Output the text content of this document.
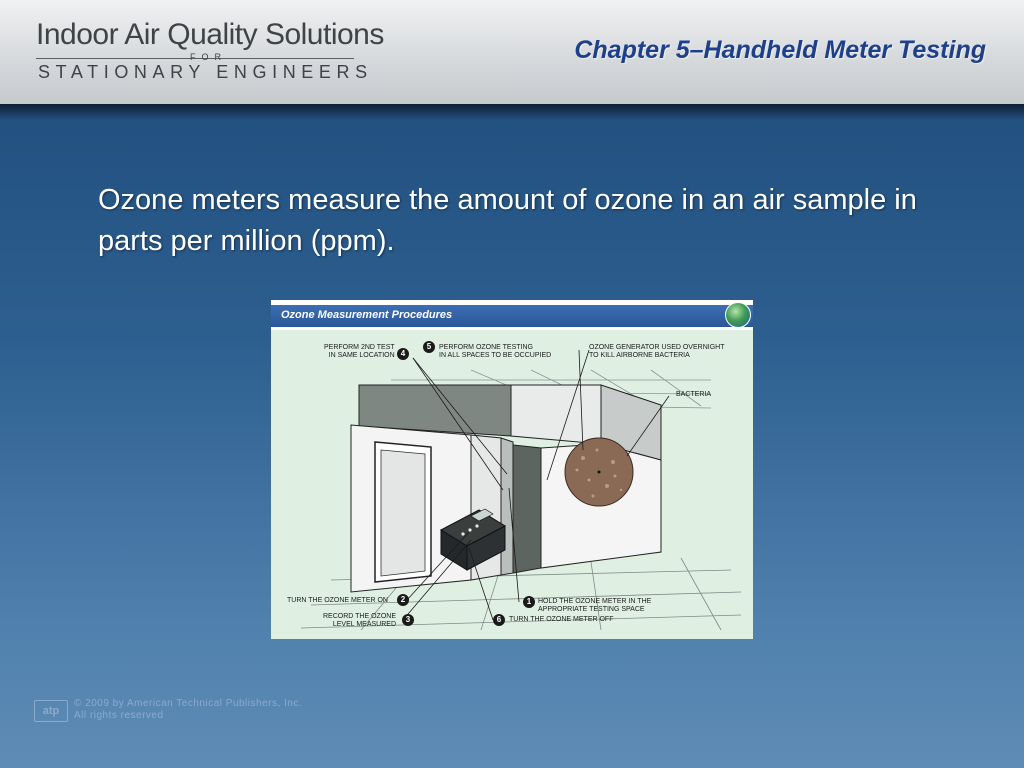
Indoor Air Quality Solutions
FOR
STATIONARY ENGINEERS
Chapter 5–Handheld Meter Testing
Ozone meters measure the amount of ozone in an air sample in parts per million (ppm).
Ozone Measurement Procedures
PERFORM 2ND TEST
IN SAME LOCATION 4
5	PERFORM OZONE TESTING
IN ALL SPACES TO BE OCCUPIED
OZONE GENERATOR USED OVERNIGHT
TO KILL AIRBORNE BACTERIA
BACTERIA
TURN THE OZONE METER ON	2
RECORD THE OZONE
LEVEL MEASURED
3
1 HOLD THE OZONE METER IN THE
APPROPRIATE TESTING SPACE
6	TURN THE OZONE METER OFF
atp
© 2009 by American Technical Publishers, Inc.
All rights reserved
